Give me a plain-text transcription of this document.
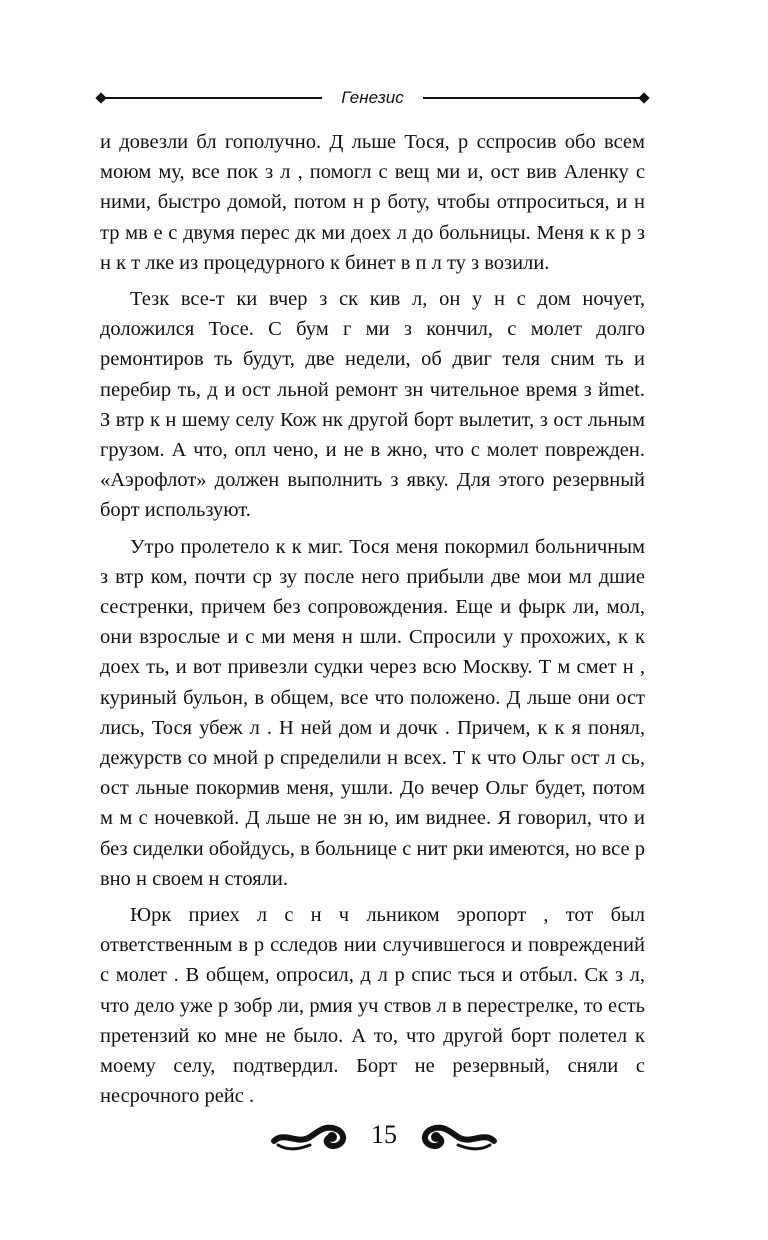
Генезис

и довезли бл гополучно. Д льше Тося, р сспросив обо всем моюм му, все пок з л , помогл с вещ ми и, ост вив Аленку с ними, быстро домой, потом н р боту, чтобы отпроситься, и н тр мв е с двумя перес дк ми доех л до больницы. Меня к к р з н к т лке из процедурного к бинет в п л ту з возили.

Тезк все-т ки вчер з ск кив л, он у н с дом ночует, доложился Тосе. С бум г ми з кончил, с молет долго ремонтиров ть будут, две недели, об двиг теля сним ть и перебир ть, д и ост льной ремонт зн чительное время з йmet. З втр к н шему селу Кож нк другой борт вылетит, з ост льным грузом. А что, опл чено, и не в жно, что с молет поврежден. «Аэрофлот» должен выполнить з явку. Для этого резервный борт используют.

Утро пролетело к к миг. Тося меня покормил больничным з втр ком, почти ср зу после него прибыли две мои мл дшие сестренки, причем без сопровождения. Еще и фырк ли, мол, они взрослые и с ми меня н шли. Спросили у прохожих, к к доех ть, и вот привезли судки через всю Москву. Т м смет н , куриный бульон, в общем, все что положено. Д льше они ост лись, Тося убеж л . Н ней дом и дочк . Причем, к к я понял, дежурств со мной р спределили н всех. Т к что Ольг ост л сь, ост льные покормив меня, ушли. До вечер Ольг будет, потом м м с ночевкой. Д льше не зн ю, им виднее. Я говорил, что и без сиделки обойдусь, в больнице с нит рки имеются, но все р вно н своем н стояли.

Юрк приех л с н ч льником эропорт , тот был ответственным в р сследов нии случившегося и повреждений с молет . В общем, опросил, д л р спис ться и отбыл. Ск з л, что дело уже р зобр ли, рмия уч ствов л в перестрелке, то есть претензий ко мне не было. А то, что другой борт полетел к моему селу, подтвердил. Борт не резервный, сняли с несрочного рейс .

15
